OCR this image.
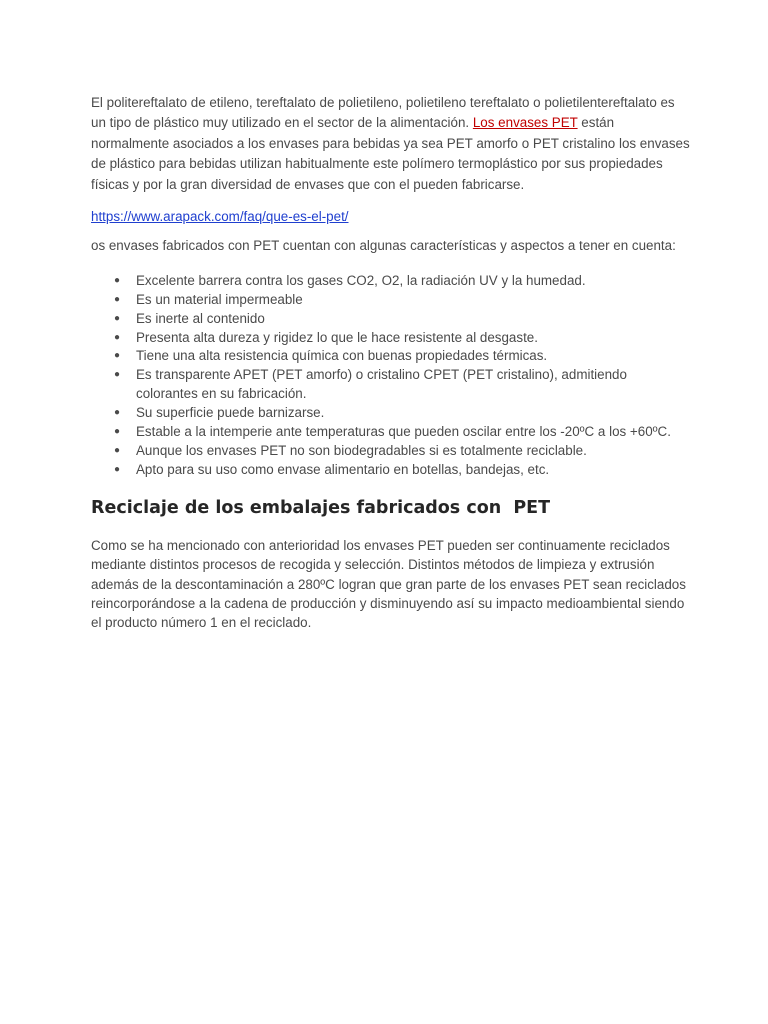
El politereftalato de etileno, tereftalato de polietileno, polietileno tereftalato o polietilentereftalato es un tipo de plástico muy utilizado en el sector de la alimentación. Los envases PET están normalmente asociados a los envases para bebidas ya sea PET amorfo o PET cristalino los envases de plástico para bebidas utilizan habitualmente este polímero termoplástico por sus propiedades físicas y por la gran diversidad de envases que con el pueden fabricarse.

https://www.arapack.com/faq/que-es-el-pet/

os envases fabricados con PET cuentan con algunas características y aspectos a tener en cuenta:

● Excelente barrera contra los gases CO2, O2, la radiación UV y la humedad.
● Es un material impermeable
● Es inerte al contenido
● Presenta alta dureza y rigidez lo que le hace resistente al desgaste.
● Tiene una alta resistencia química con buenas propiedades térmicas.
● Es transparente APET (PET amorfo) o cristalino CPET (PET cristalino), admitiendo colorantes en su fabricación.
● Su superficie puede barnizarse.
● Estable a la intemperie ante temperaturas que pueden oscilar entre los -20ºC a los +60ºC.
● Aunque los envases PET no son biodegradables si es totalmente reciclable.
● Apto para su uso como envase alimentario en botellas, bandejas, etc.
Reciclaje de los embalajes fabricados con  PET

Como se ha mencionado con anterioridad los envases PET pueden ser continuamente reciclados mediante distintos procesos de recogida y selección. Distintos métodos de limpieza y extrusión además de la descontaminación a 280ºC logran que gran parte de los envases PET sean reciclados reincorporándose a la cadena de producción y disminuyendo así su impacto medioambiental siendo el producto número 1 en el reciclado.
